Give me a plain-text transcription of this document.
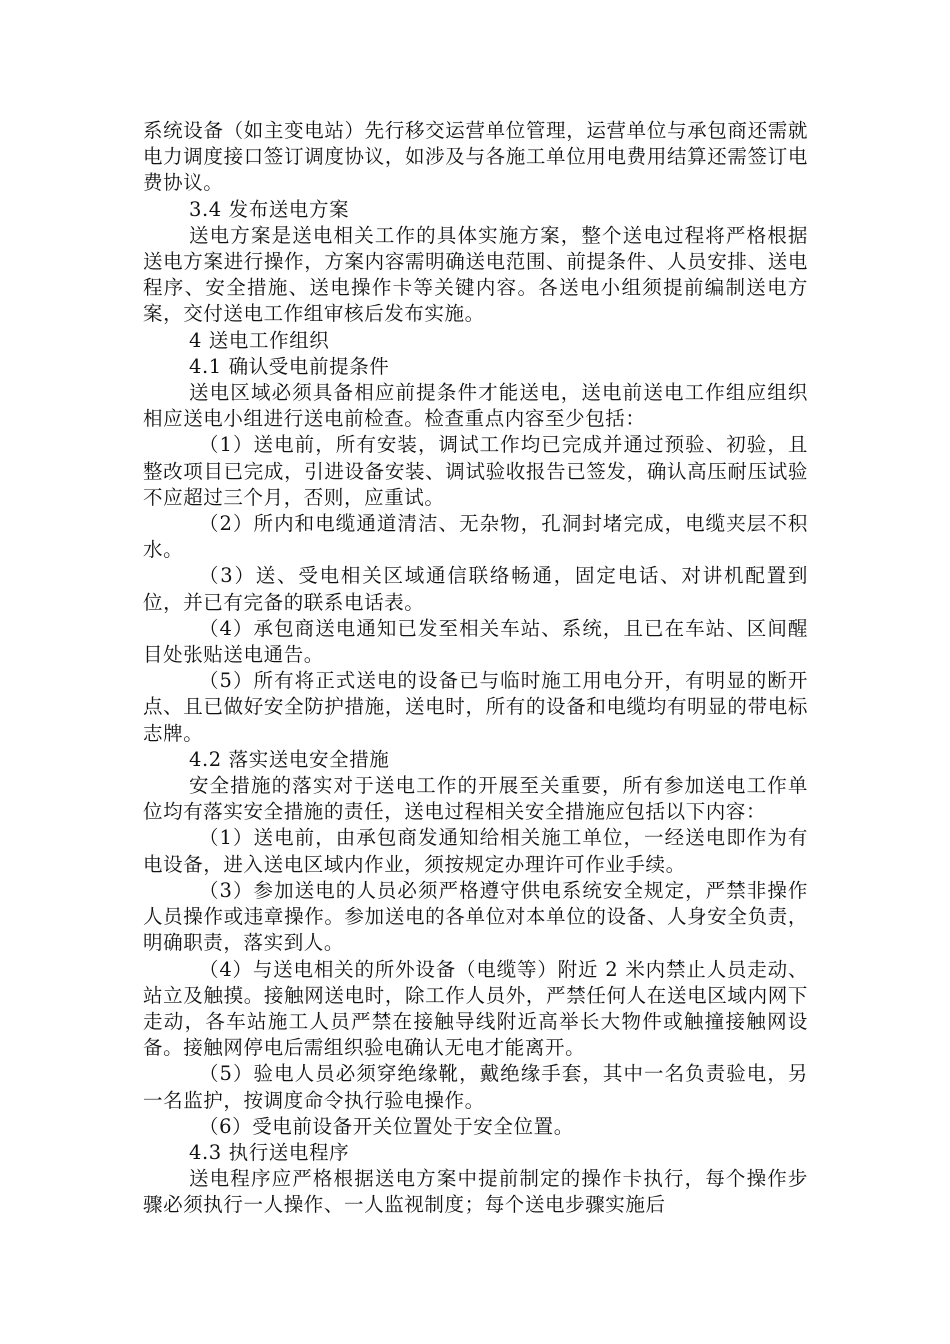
系统设备（如主变电站）先行移交运营单位管理，运营单位与承包商还需就电力调度接口签订调度协议，如涉及与各施工单位用电费用结算还需签订电费协议。

3.4 发布送电方案

送电方案是送电相关工作的具体实施方案，整个送电过程将严格根据送电方案进行操作，方案内容需明确送电范围、前提条件、人员安排、送电程序、安全措施、送电操作卡等关键内容。各送电小组须提前编制送电方案，交付送电工作组审核后发布实施。

4 送电工作组织

4.1 确认受电前提条件

送电区域必须具备相应前提条件才能送电，送电前送电工作组应组织相应送电小组进行送电前检查。检查重点内容至少包括：

（1）送电前，所有安装，调试工作均已完成并通过预验、初验，且整改项目已完成，引进设备安装、调试验收报告已签发，确认高压耐压试验不应超过三个月，否则，应重试。

（2）所内和电缆通道清洁、无杂物，孔洞封堵完成，电缆夹层不积水。

（3）送、受电相关区域通信联络畅通，固定电话、对讲机配置到位，并已有完备的联系电话表。

（4）承包商送电通知已发至相关车站、系统，且已在车站、区间醒目处张贴送电通告。

（5）所有将正式送电的设备已与临时施工用电分开，有明显的断开点、且已做好安全防护措施，送电时，所有的设备和电缆均有明显的带电标志牌。

4.2 落实送电安全措施

安全措施的落实对于送电工作的开展至关重要，所有参加送电工作单位均有落实安全措施的责任，送电过程相关安全措施应包括以下内容：

（1）送电前，由承包商发通知给相关施工单位，一经送电即作为有电设备，进入送电区域内作业，须按规定办理许可作业手续。

（3）参加送电的人员必须严格遵守供电系统安全规定，严禁非操作人员操作或违章操作。参加送电的各单位对本单位的设备、人身安全负责，明确职责，落实到人。

（4）与送电相关的所外设备（电缆等）附近 2 米内禁止人员走动、站立及触摸。接触网送电时，除工作人员外，严禁任何人在送电区域内网下走动，各车站施工人员严禁在接触导线附近高举长大物件或触撞接触网设备。接触网停电后需组织验电确认无电才能离开。

（5）验电人员必须穿绝缘靴，戴绝缘手套，其中一名负责验电，另一名监护，按调度命令执行验电操作。

（6）受电前设备开关位置处于安全位置。

4.3 执行送电程序

送电程序应严格根据送电方案中提前制定的操作卡执行，每个操作步骤必须执行一人操作、一人监视制度；每个送电步骤实施后
